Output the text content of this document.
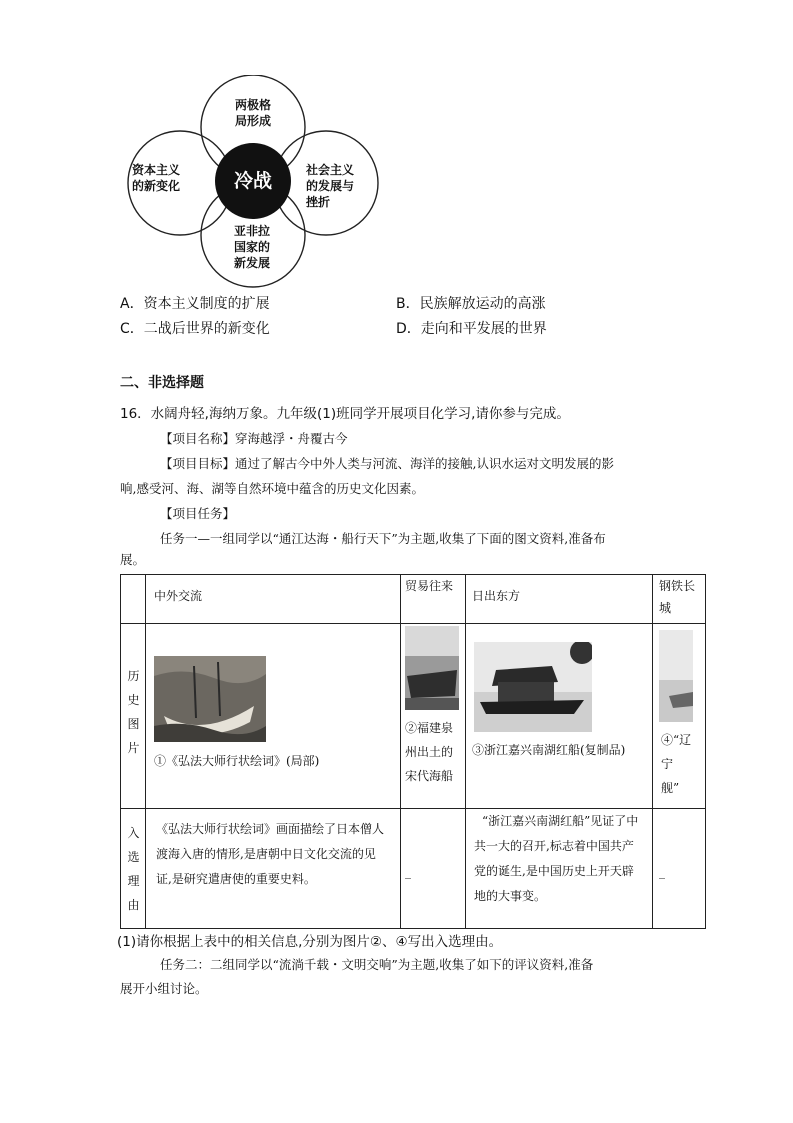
冷战
两极格
局形成
资本主义
的新变化
社会主义
的发展与
挫折
亚非拉
国家的
新发展
A．资本主义制度的扩展	B．民族解放运动的高涨
C．二战后世界的新变化	D．走向和平发展的世界
二、非选择题
16．水阔舟轻,海纳万象。九年级(1)班同学开展项目化学习,请你参与完成。
【项目名称】穿海越浮・舟覆古今
【项目目标】通过了解古今中外人类与河流、海洋的接触,认识水运对文明发展的影
响,感受河、海、湖等自然环境中蕴含的历史文化因素。
【项目任务】
任务一—一组同学以“通江达海・船行天下”为主题,收集了下面的图文资料,准备布
展。
	中外交流	贸易往来	日出东方	钢铁长城
历史图片	①《弘法大师行状绘词》(局部)	②福建泉州出土的宋代海船	③浙江嘉兴南湖红船(复制品)	④“辽宁舰”

入选理由	《弘法大师行状绘词》画面描绘了日本僧人渡海入唐的情形,是唐朝中日文化交流的见证,是研究遣唐使的重要史料。	_	“浙江嘉兴南湖红船”见证了中共一大的召开,标志着中国共产党的诞生,是中国历史上开天辟地的大事变。	_
(1)请你根据上表中的相关信息,分别为图片②、④写出入选理由。
任务二：二组同学以“流淌千载・文明交响”为主题,收集了如下的评议资料,准备
展开小组讨论。
